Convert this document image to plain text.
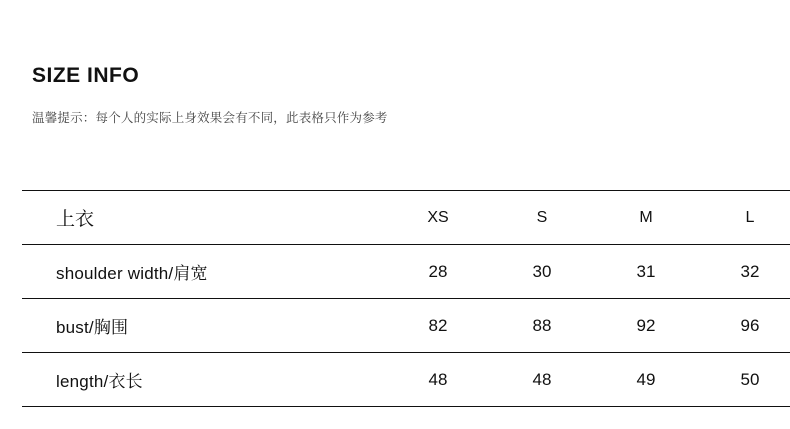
SIZE INFO
温馨提示：每个人的实际上身效果会有不同，此表格只作为参考
上衣	XS	S	M	L
shoulder width/肩宽	28	30	31	32
bust/胸围	82	88	92	96
length/衣长	48	48	49	50
